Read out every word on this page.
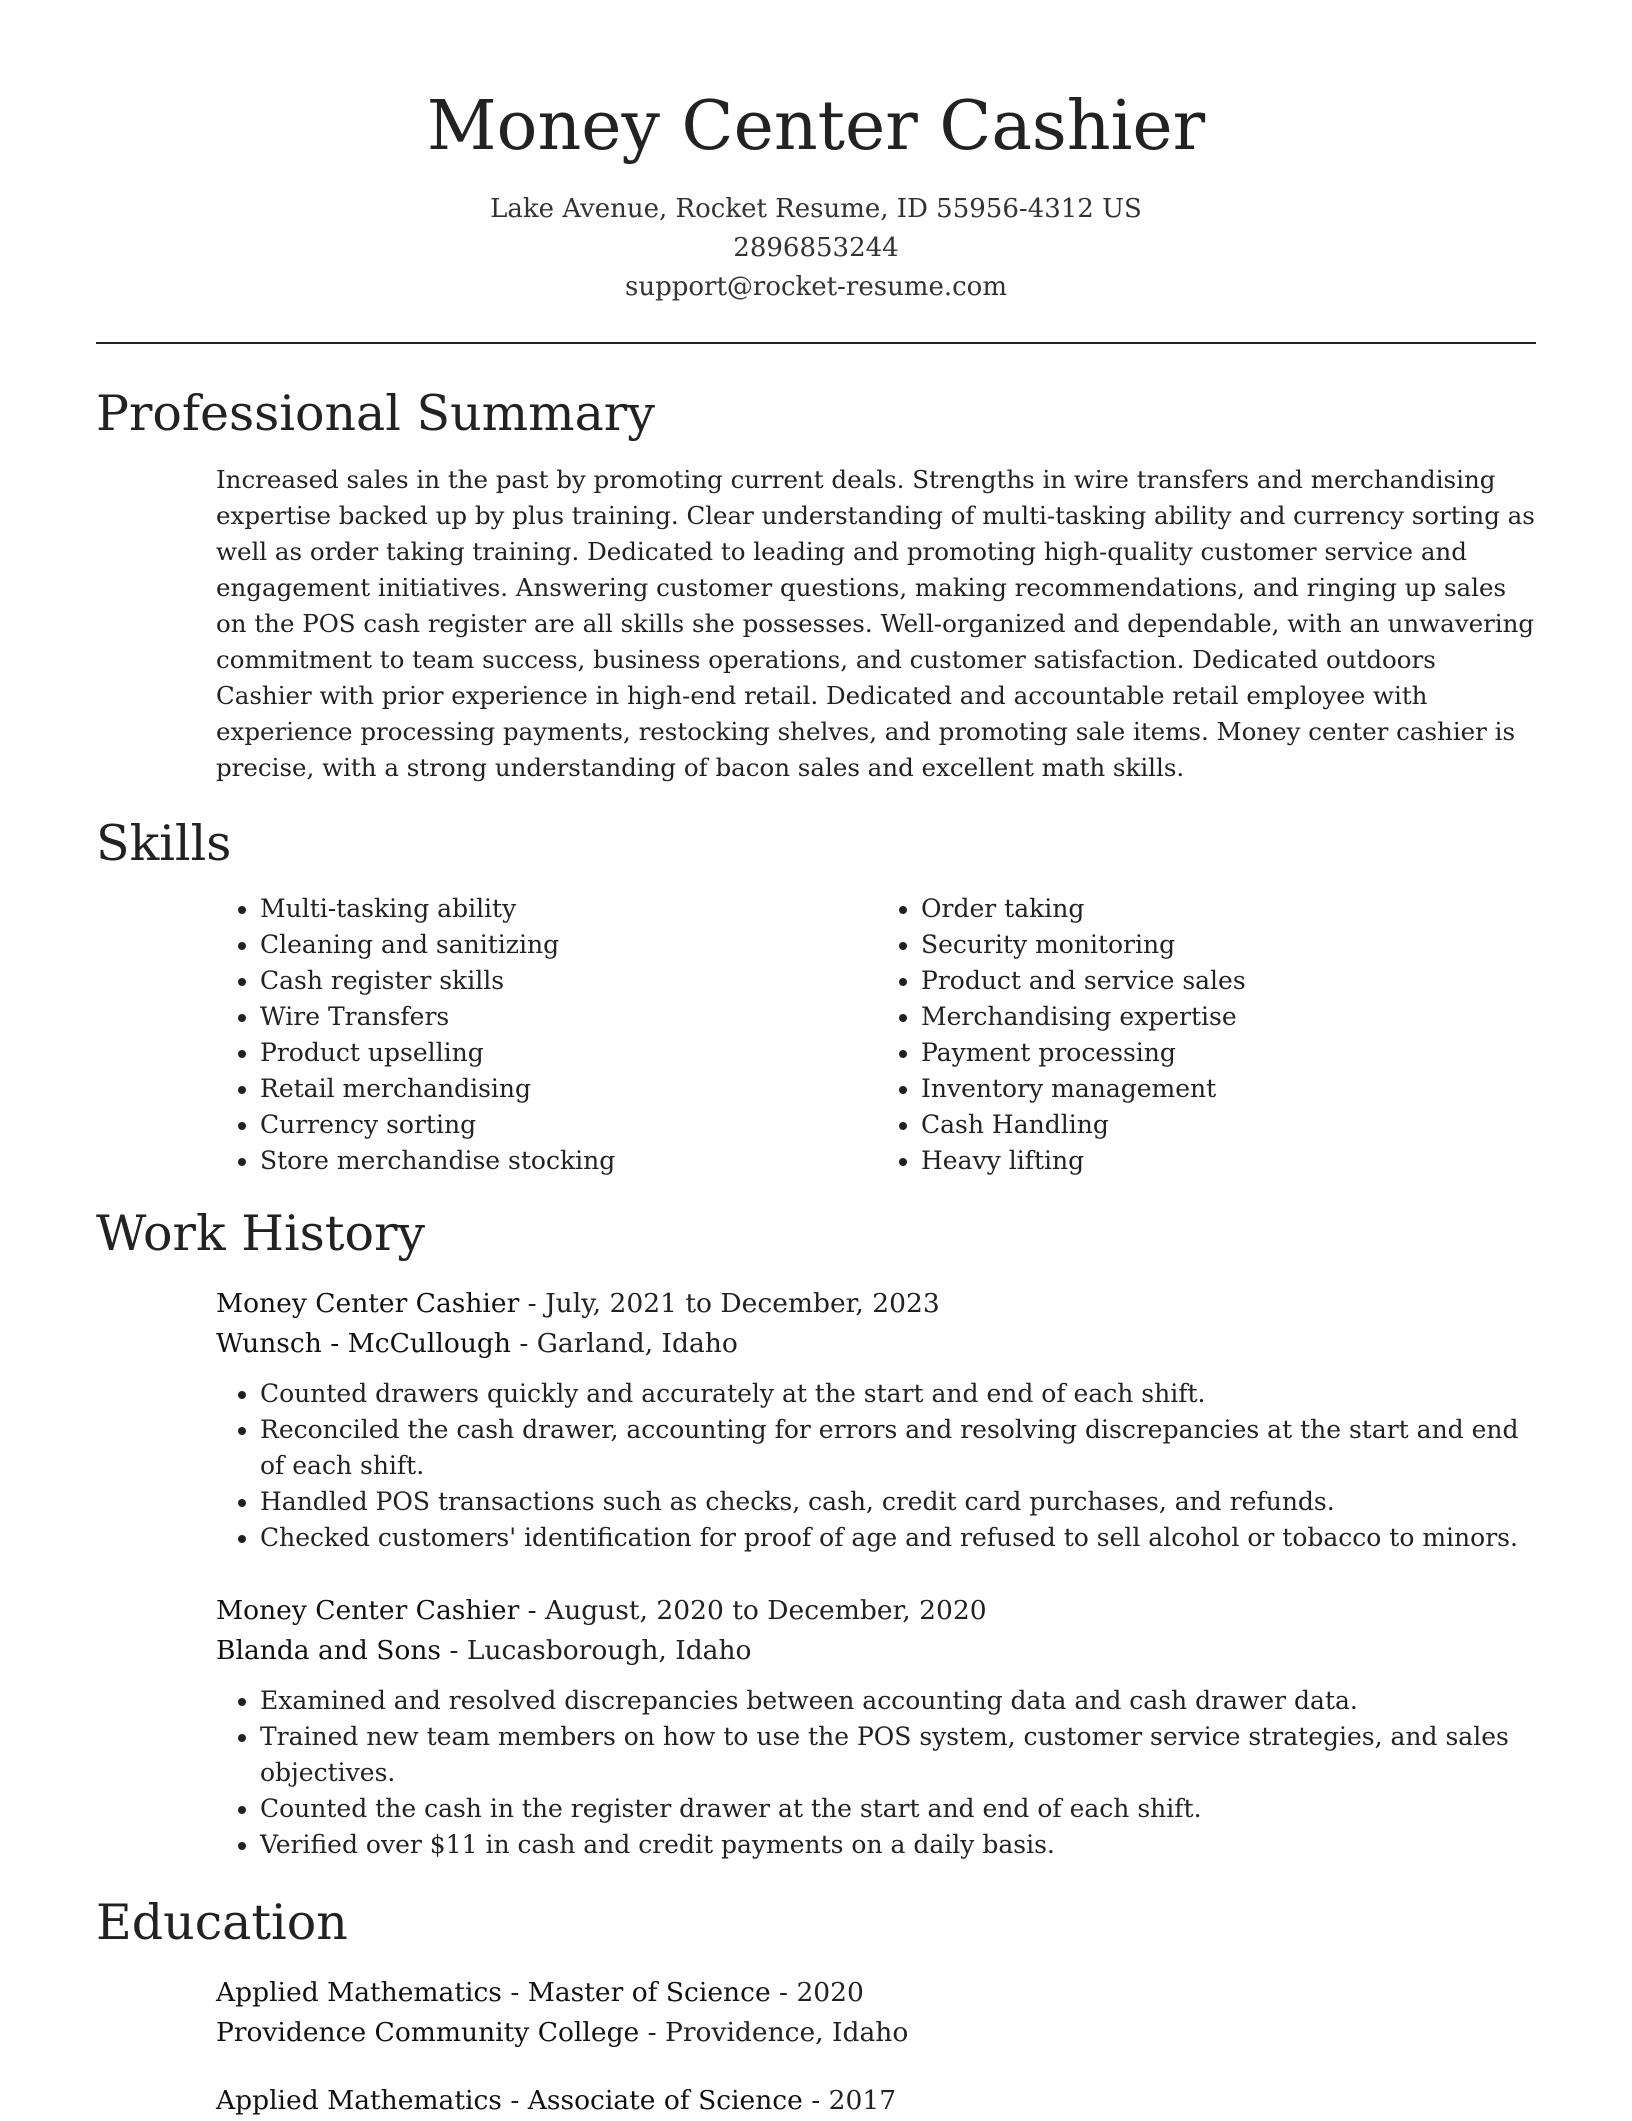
Money Center Cashier
Lake Avenue, Rocket Resume, ID 55956-4312 US
2896853244
support@rocket-resume.com
Professional Summary

Increased sales in the past by promoting current deals. Strengths in wire transfers and merchandising expertise backed up by plus training. Clear understanding of multi-tasking ability and currency sorting as well as order taking training. Dedicated to leading and promoting high-quality customer service and engagement initiatives. Answering customer questions, making recommendations, and ringing up sales on the POS cash register are all skills she possesses. Well-organized and dependable, with an unwavering commitment to team success, business operations, and customer satisfaction. Dedicated outdoors Cashier with prior experience in high-end retail. Dedicated and accountable retail employee with experience processing payments, restocking shelves, and promoting sale items. Money center cashier is precise, with a strong understanding of bacon sales and excellent math skills.

Skills
• Multi-tasking ability
• Cleaning and sanitizing
• Cash register skills
• Wire Transfers
• Product upselling
• Retail merchandising
• Currency sorting
• Store merchandise stocking
• Order taking
• Security monitoring
• Product and service sales
• Merchandising expertise
• Payment processing
• Inventory management
• Cash Handling
• Heavy lifting
Work History
Money Center Cashier - July, 2021 to December, 2023
Wunsch - McCullough - Garland, Idaho
• Counted drawers quickly and accurately at the start and end of each shift.
• Reconciled the cash drawer, accounting for errors and resolving discrepancies at the start and end of each shift.
• Handled POS transactions such as checks, cash, credit card purchases, and refunds.
• Checked customers' identification for proof of age and refused to sell alcohol or tobacco to minors.
Money Center Cashier - August, 2020 to December, 2020
Blanda and Sons - Lucasborough, Idaho
• Examined and resolved discrepancies between accounting data and cash drawer data.
• Trained new team members on how to use the POS system, customer service strategies, and sales objectives.
• Counted the cash in the register drawer at the start and end of each shift.
• Verified over $11 in cash and credit payments on a daily basis.
Education
Applied Mathematics - Master of Science - 2020
Providence Community College - Providence, Idaho
Applied Mathematics - Associate of Science - 2017
